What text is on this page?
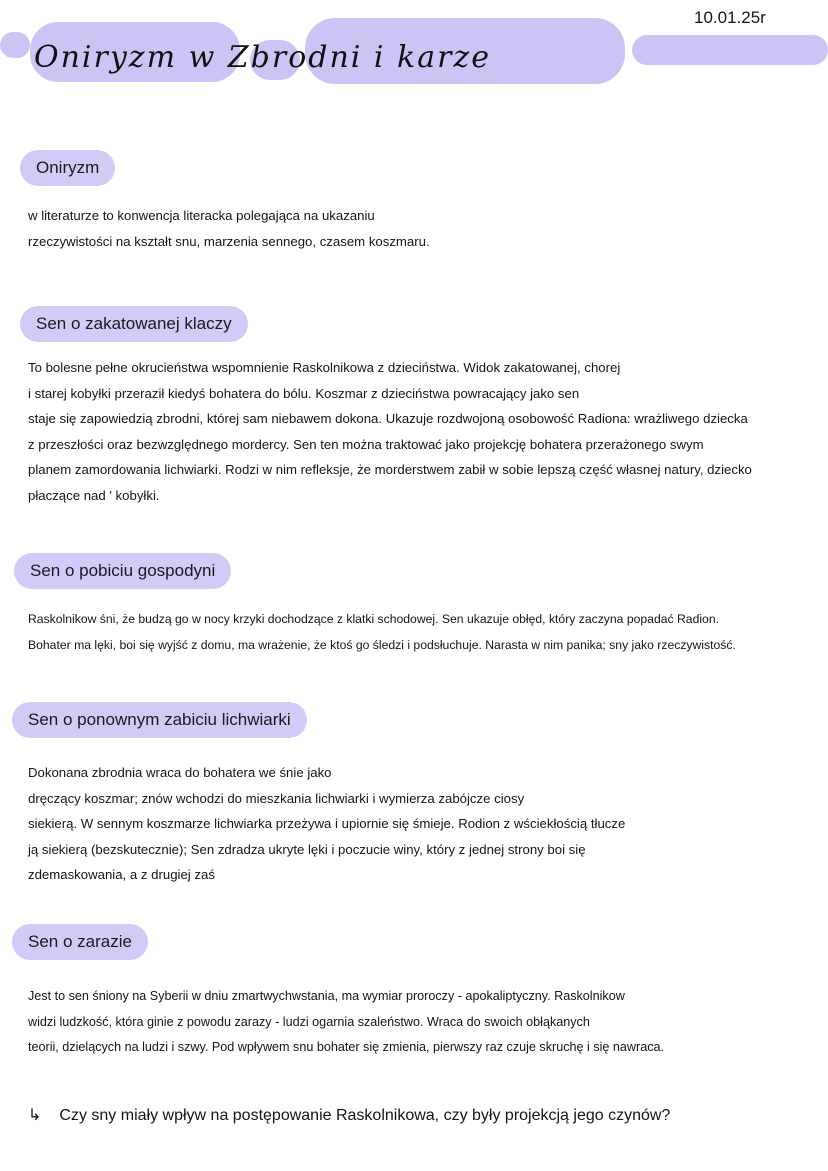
Oniryzm w Zbrodni i karze
10.01.25r
Oniryzm
w literaturze to konwencja literacka polegająca na ukazaniu
rzeczywistości na kształt snu, marzenia sennego, czasem koszmaru.
Sen o zakatowanej klaczy
To bolesne pełne okrucieństwa wspomnienie Raskolnikowa z dzieciństwa. Widok zakatowanej, chorej
i starej kobyłki przeraził kiedyś bohatera do bólu. Koszmar z dzieciństwa powracający jako sen
staje się zapowiedzią zbrodni, której sam niebawem dokona. Ukazuje rozdwojoną osobowość Radiona: wrażliwego dziecka
z przeszłości oraz bezwzględnego mordercy. Sen ten można traktować jako projekcję bohatera przerażonego swym
planem zamordowania lichwiarki. Rodzi w nim refleksje, że morderstwem zabił w sobie lepszą część własnej natury, dziecko
płaczące nad ' kobyłki.
Sen o pobiciu gospodyni
Raskolnikow śni, że budzą go w nocy krzyki dochodzące z klatki schodowej. Sen ukazuje obłęd, który zaczyna popadać Radion.
Bohater ma lęki, boi się wyjść z domu, ma wrażenie, że ktoś go śledzi i podsłuchuje. Narasta w nim panika; sny jako rzeczywistość.
Sen o ponownym zabiciu lichwiarki
Dokonana zbrodnia wraca do bohatera we śnie jako
dręczący koszmar; znów wchodzi do mieszkania lichwiarki i wymierza zabójcze ciosy
siekierą. W sennym koszmarze lichwiarka przeżywa i upiornie się śmieje. Rodion z wściekłością tłucze
ją siekierą (bezskutecznie); Sen zdradza ukryte lęki i poczucie winy, który z jednej strony boi się
zdemaskowania, a z drugiej zaś
Sen o zarazie
Jest to sen śniony na Syberii w dniu zmartwychwstania, ma wymiar proroczy - apokaliptyczny. Raskolnikow
widzi ludzkość, która ginie z powodu zarazy - ludzi ogarnia szaleństwo. Wraca do swoich obłąkanych
teorii, dzielących na ludzi i szwy. Pod wpływem snu bohater się zmienia, pierwszy raz czuje skruchę i się nawraca.
↳ Czy sny miały wpływ na postępowanie Raskolnikowa, czy były projekcją jego czynów?
